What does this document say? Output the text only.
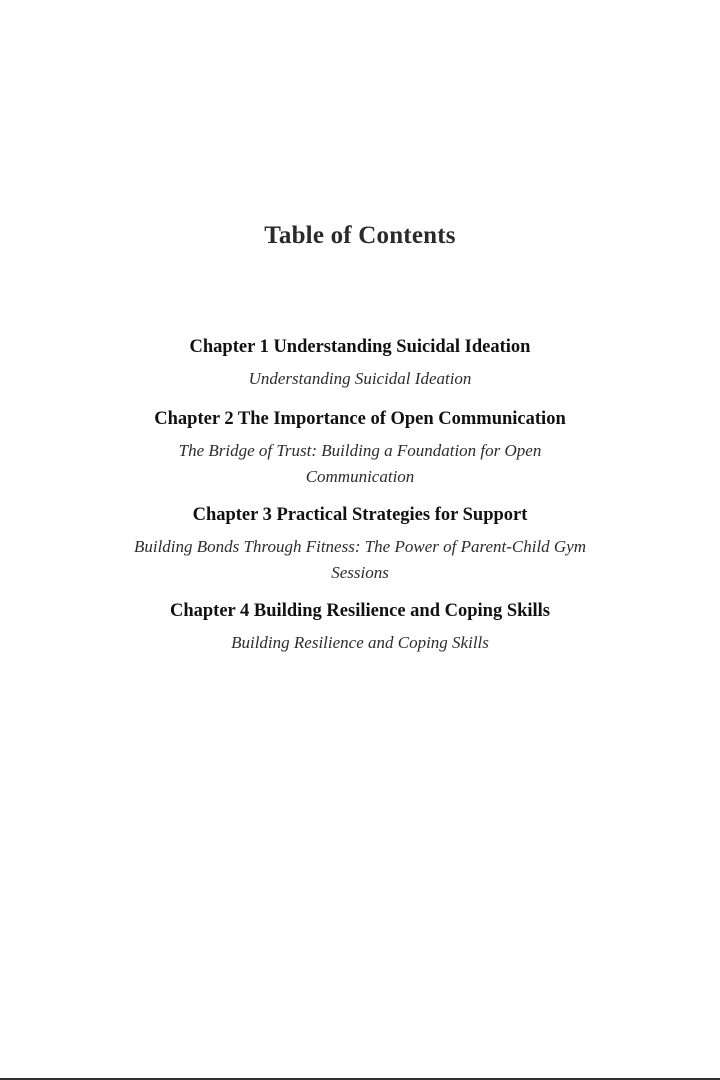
Table of Contents
Chapter 1 Understanding Suicidal Ideation
Understanding Suicidal Ideation
Chapter 2 The Importance of Open Communication
The Bridge of Trust: Building a Foundation for Open Communication
Chapter 3 Practical Strategies for Support
Building Bonds Through Fitness: The Power of Parent-Child Gym Sessions
Chapter 4 Building Resilience and Coping Skills
Building Resilience and Coping Skills
